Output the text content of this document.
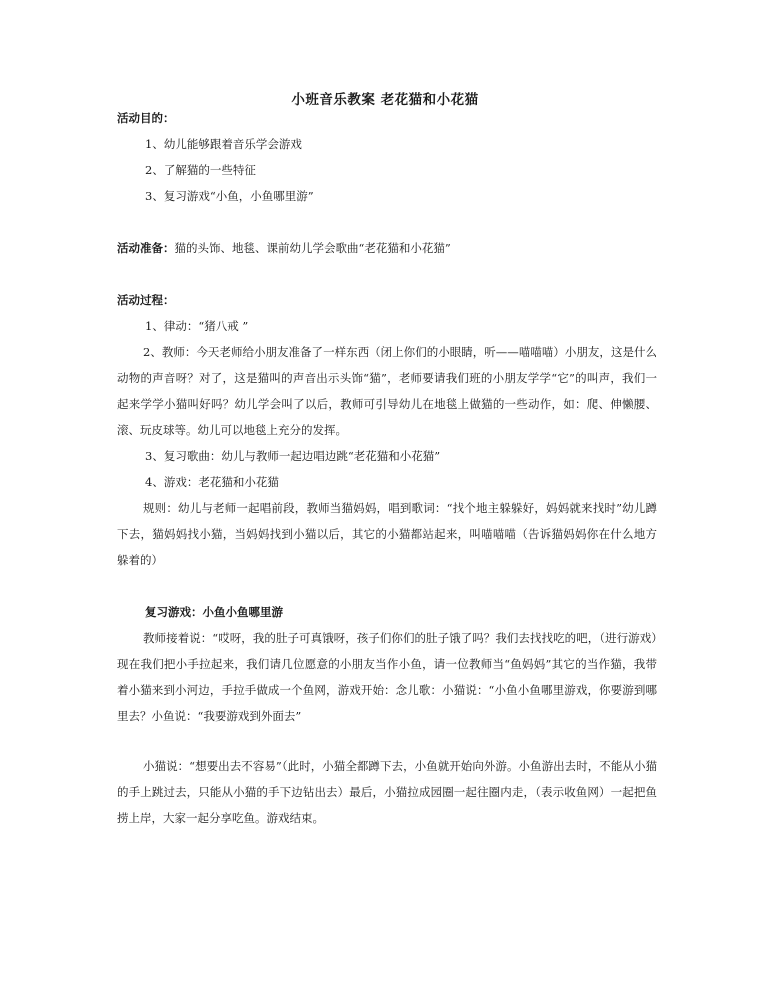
小班音乐教案 老花猫和小花猫
活动目的：
1、幼儿能够跟着音乐学会游戏
2、了解猫的一些特征
3、复习游戏“小鱼，小鱼哪里游”
活动准备：猫的头饰、地毯、课前幼儿学会歌曲“老花猫和小花猫”
活动过程：
1、律动：“猪八戒 ”
2、教师：今天老师给小朋友准备了一样东西（闭上你们的小眼睛，听——喵喵喵）小朋友，这是什么动物的声音呀？对了，这是猫叫的声音出示头饰“猫”，老师要请我们班的小朋友学学“它”的叫声，我们一起来学学小猫叫好吗？幼儿学会叫了以后，教师可引导幼儿在地毯上做猫的一些动作，如：爬、伸懒腰、滚、玩皮球等。幼儿可以地毯上充分的发挥。
3、复习歌曲：幼儿与教师一起边唱边跳“老花猫和小花猫”
4、游戏：老花猫和小花猫
规则：幼儿与老师一起唱前段，教师当猫妈妈，唱到歌词：“找个地主躲躲好，妈妈就来找时”幼儿蹲下去，猫妈妈找小猫，当妈妈找到小猫以后，其它的小猫都站起来，叫喵喵喵（告诉猫妈妈你在什么地方躲着的）
复习游戏：小鱼小鱼哪里游
教师接着说：“哎呀，我的肚子可真饿呀，孩子们你们的肚子饿了吗？我们去找找吃的吧，（进行游戏）现在我们把小手拉起来，我们请几位愿意的小朋友当作小鱼，请一位教师当“鱼妈妈”其它的当作猫，我带着小猫来到小河边，手拉手做成一个鱼网，游戏开始：念儿歌：小猫说：“小鱼小鱼哪里游戏，你要游到哪里去？小鱼说：“我要游戏到外面去”
小猫说：“想要出去不容易”（此时，小猫全都蹲下去，小鱼就开始向外游。小鱼游出去时，不能从小猫的手上跳过去，只能从小猫的手下边钻出去）最后，小猫拉成园圈一起往圈内走，（表示收鱼网）一起把鱼捞上岸，大家一起分享吃鱼。游戏结束。
